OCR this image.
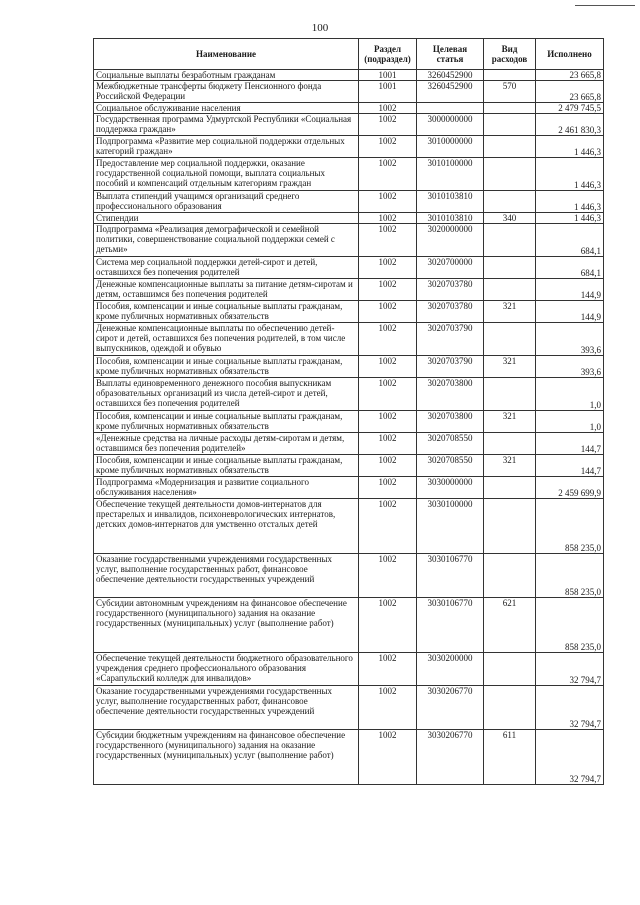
100
Наименование	Раздел (подраздел)	Целевая статья	Вид расходов	Исполнено
Социальные выплаты безработным гражданам	1001	3260452900		23 665,8
Межбюджетные трансферты бюджету Пенсионного фонда Российской Федерации	1001	3260452900	570	23 665,8
Социальное обслуживание населения	1002			2 479 745,5
Государственная программа Удмуртской Республики «Социальная поддержка граждан»	1002	3000000000		2 461 830,3
Подпрограмма «Развитие мер социальной поддержки отдельных категорий граждан»	1002	3010000000		1 446,3
Предоставление мер социальной поддержки, оказание государственной социальной помощи, выплата социальных пособий и компенсаций отдельным категориям граждан	1002	3010100000		1 446,3
Выплата стипендий учащимся организаций среднего профессионального образования	1002	3010103810		1 446,3
Стипендии	1002	3010103810	340	1 446,3
Подпрограмма «Реализация демографической и семейной политики, совершенствование социальной поддержки семей с детьми»	1002	3020000000		684,1
Система мер социальной поддержки детей-сирот и детей, оставшихся без попечения родителей	1002	3020700000		684,1
Денежные компенсационные выплаты за питание детям-сиротам и детям, оставшимся без попечения родителей	1002	3020703780		144,9
Пособия, компенсации и иные социальные выплаты гражданам, кроме публичных нормативных обязательств	1002	3020703780	321	144,9
Денежные компенсационные выплаты по обеспечению детей-сирот и детей, оставшихся без попечения родителей, в том числе выпускников, одеждой и обувью	1002	3020703790		393,6
Пособия, компенсации и иные социальные выплаты гражданам, кроме публичных нормативных обязательств	1002	3020703790	321	393,6
Выплаты единовременного денежного пособия выпускникам образовательных организаций из числа детей-сирот и детей, оставшихся без попечения родителей	1002	3020703800		1,0
Пособия, компенсации и иные социальные выплаты гражданам, кроме публичных нормативных обязательств	1002	3020703800	321	1,0
«Денежные средства на личные расходы детям-сиротам и детям, оставшимся без попечения родителей»	1002	3020708550		144,7
Пособия, компенсации и иные социальные выплаты гражданам, кроме публичных нормативных обязательств	1002	3020708550	321	144,7
Подпрограмма «Модернизация и развитие социального обслуживания населения»	1002	3030000000		2 459 699,9
Обеспечение текущей деятельности домов-интернатов для престарелых и инвалидов, психоневрологических интернатов, детских домов-интернатов для умственно отсталых детей	1002	3030100000		858 235,0
Оказание государственными учреждениями государственных услуг, выполнение государственных работ, финансовое обеспечение деятельности государственных учреждений	1002	3030106770		858 235,0
Субсидии автономным учреждениям на финансовое обеспечение государственного (муниципального) задания на оказание государственных (муниципальных) услуг (выполнение работ)	1002	3030106770	621	858 235,0
Обеспечение текущей деятельности бюджетного образовательного учреждения среднего профессионального образования «Сарапульский колледж для инвалидов»	1002	3030200000		32 794,7
Оказание государственными учреждениями государственных услуг, выполнение государственных работ, финансовое обеспечение деятельности государственных учреждений	1002	3030206770		32 794,7
Субсидии бюджетным учреждениям на финансовое обеспечение государственного (муниципального) задания на оказание государственных (муниципальных) услуг (выполнение работ)	1002	3030206770	611	32 794,7
